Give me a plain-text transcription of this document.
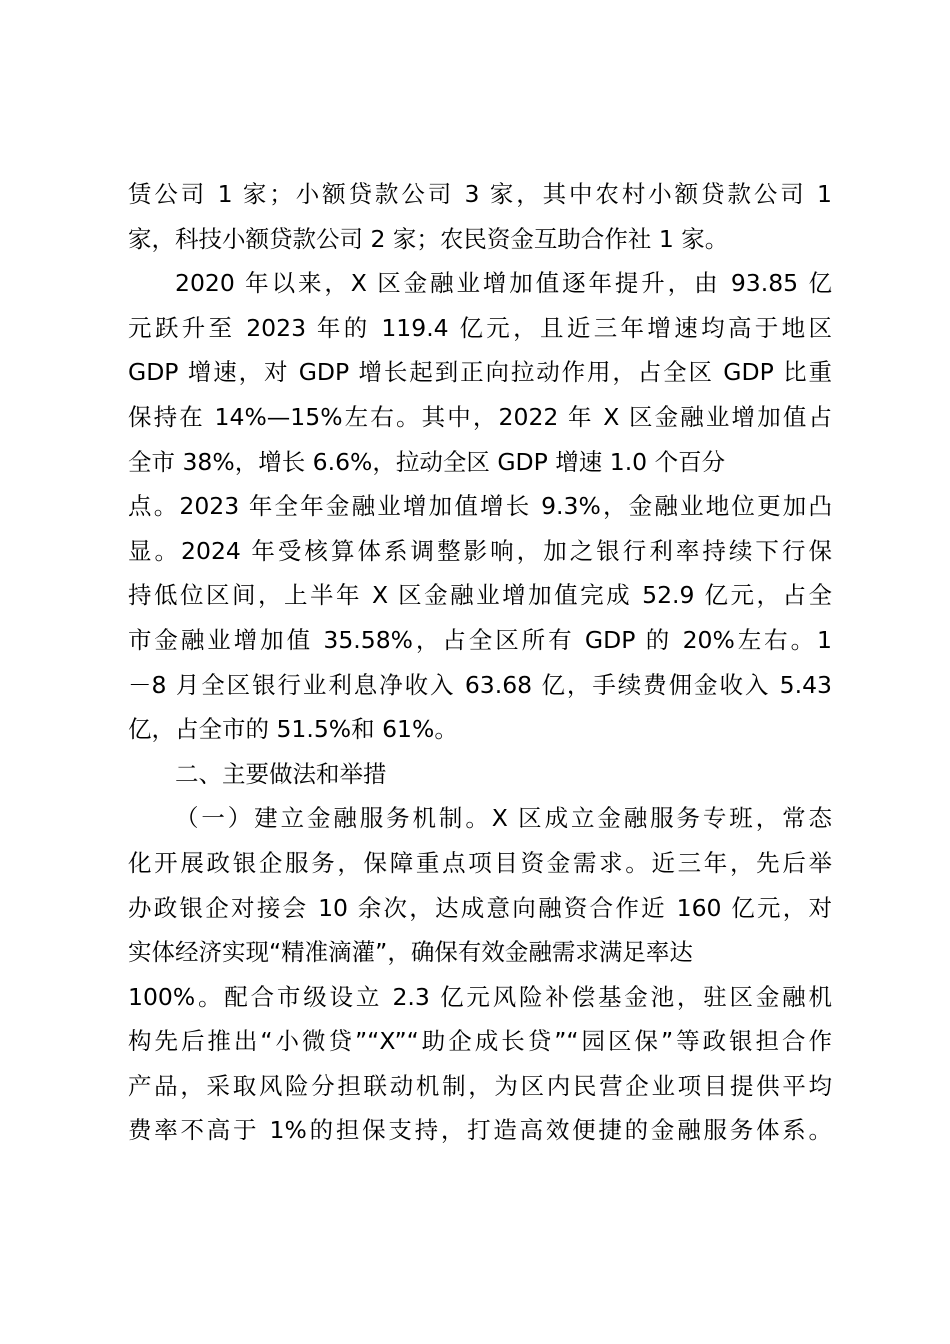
赁公司 1 家；小额贷款公司 3 家，其中农村小额贷款公司 1
家，科技小额贷款公司 2 家；农民资金互助合作社 1 家。
2020 年以来，X 区金融业增加值逐年提升，由 93.85 亿
元跃升至 2023 年的 119.4 亿元，且近三年增速均高于地区
GDP 增速，对 GDP 增长起到正向拉动作用，占全区 GDP 比重
保持在 14%—15%左右。其中，2022 年 X 区金融业增加值占
全市 38%，增长 6.6%，拉动全区 GDP 增速 1.0 个百分
点。2023 年全年金融业增加值增长 9.3%，金融业地位更加凸
显。2024 年受核算体系调整影响，加之银行利率持续下行保
持低位区间，上半年 X 区金融业增加值完成 52.9 亿元，占全
市金融业增加值 35.58%，占全区所有 GDP 的 20%左右。1
－8 月全区银行业利息净收入 63.68 亿，手续费佣金收入 5.43
亿，占全市的 51.5%和 61%。
二、主要做法和举措
（一）建立金融服务机制。X 区成立金融服务专班，常态
化开展政银企服务，保障重点项目资金需求。近三年，先后举
办政银企对接会 10 余次，达成意向融资合作近 160 亿元，对
实体经济实现“精准滴灌”，确保有效金融需求满足率达
100%。配合市级设立 2.3 亿元风险补偿基金池，驻区金融机
构先后推出“小微贷”“X”“助企成长贷”“园区保”等政银担合作
产品，采取风险分担联动机制，为区内民营企业项目提供平均
费率不高于 1%的担保支持，打造高效便捷的金融服务体系。
